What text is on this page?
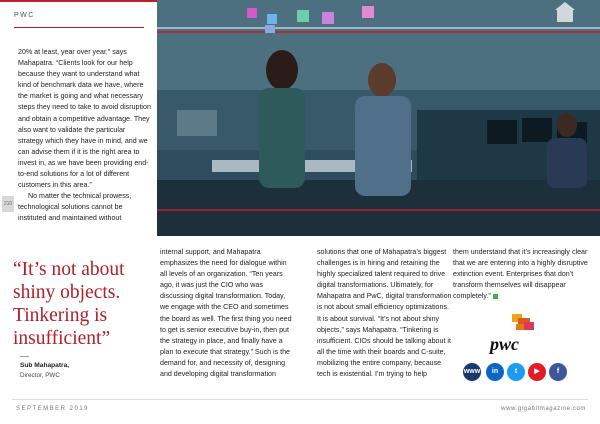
PWC

20% at least, year over year,” says Mahapatra. “Clients look for our help because they want to understand what kind of benchmark data we have, where the market is going and what necessary steps they need to take to avoid disruption and obtain a competitive advantage. They also want to validate the particular strategy which they have in mind, and we can advise them if it is the right area to invest in, as we have been providing end-to-end solutions for a lot of different customers in this area.”

No matter the technical prowess, technological solutions cannot be instituted and maintained without

210
“It’s not about shiny objects. Tinkering is insufficient”
Sub Mahapatra,
Director, PWC

internal support, and Mahapatra emphasizes the need for dialogue within all levels of an organization. “Ten years ago, it was just the CIO who was discussing digital transformation. Today, we engage with the CEO and sometimes the board as well. The first thing you need to get is senior executive buy-in, then put the strategy in place, and finally have a plan to execute that strategy.” Such is the demand for, and necessity of, designing and developing digital transformation

solutions that one of Mahapatra’s biggest challenges is in hiring and retaining the highly specialized talent required to drive digital transformations. Ultimately, for Mahapatra and PwC, digital transformation is not about small efficiency optimizations. It is about survival. “It’s not about shiny objects,” says Mahapatra. “Tinkering is insufficient. CIOs should be talking about it all the time with their boards and C-suite, mobilizing the entire company, because tech is existential. I’m trying to help

them understand that it’s increasingly clear that we are entering into a highly disruptive extinction event. Enterprises that don’t transform themselves will disappear completely.”

pwc
www	in	t	▶	f
SEPTEMBER 2019	www.gigabitmagazine.com
